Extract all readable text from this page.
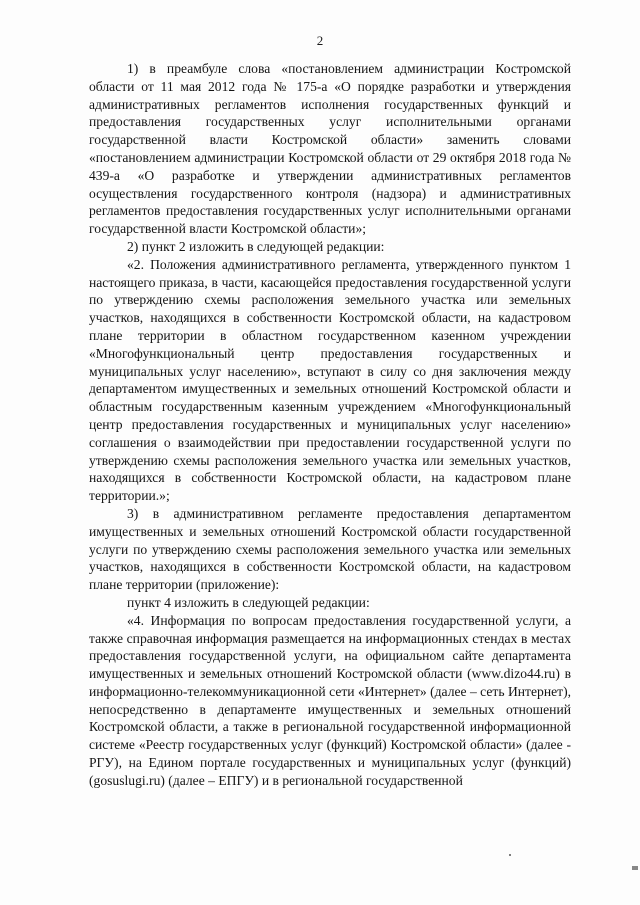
2

1) в преамбуле слова «постановлением администрации Костромской области от 11 мая 2012 года № 175-а «О порядке разработки и утверждения административных регламентов исполнения государственных функций и предоставления государственных услуг исполнительными органами государственной власти Костромской области» заменить словами «постановлением администрации Костромской области от 29 октября 2018 года № 439-а «О разработке и утверждении административных регламентов осуществления государственного контроля (надзора) и административных регламентов предоставления государственных услуг исполнительными органами государственной власти Костромской области»;

2) пункт 2 изложить в следующей редакции:

«2. Положения административного регламента, утвержденного пунктом 1 настоящего приказа, в части, касающейся предоставления государственной услуги по утверждению схемы расположения земельного участка или земельных участков, находящихся в собственности Костромской области, на кадастровом плане территории в областном государственном казенном учреждении «Многофункциональный центр предоставления государственных и муниципальных услуг населению», вступают в силу со дня заключения между департаментом имущественных и земельных отношений Костромской области и областным государственным казенным учреждением «Многофункциональный центр предоставления государственных и муниципальных услуг населению» соглашения о взаимодействии при предоставлении государственной услуги по утверждению схемы расположения земельного участка или земельных участков, находящихся в собственности Костромской области, на кадастровом плане территории.»;

3) в административном регламенте предоставления департаментом имущественных и земельных отношений Костромской области государственной услуги по утверждению схемы расположения земельного участка или земельных участков, находящихся в собственности Костромской области, на кадастровом плане территории (приложение):

пункт 4 изложить в следующей редакции:

«4. Информация по вопросам предоставления государственной услуги, а также справочная информация размещается на информационных стендах в местах предоставления государственной услуги, на официальном сайте департамента имущественных и земельных отношений Костромской области (www.dizo44.ru) в информационно-телекоммуникационной сети «Интернет» (далее – сеть Интернет), непосредственно в департаменте имущественных и земельных отношений Костромской области, а также в региональной государственной информационной системе «Реестр государственных услуг (функций) Костромской области» (далее - РГУ), на Едином портале государственных и муниципальных услуг (функций) (gosuslugi.ru) (далее – ЕПГУ) и в региональной государственной
